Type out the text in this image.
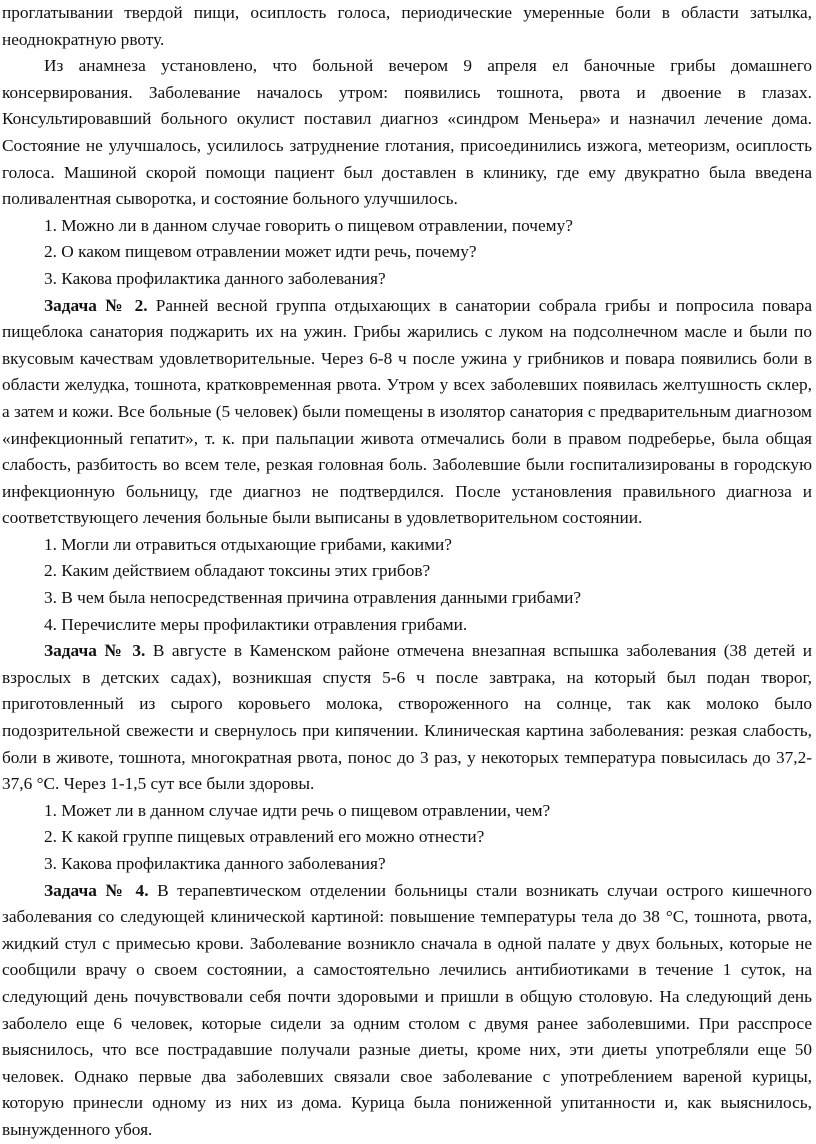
проглатывании твердой пищи, осиплость голоса, периодические умеренные боли в области затылка, неоднократную рвоту.

Из анамнеза установлено, что больной вечером 9 апреля ел баночные грибы домашнего консервирования. Заболевание началось утром: появились тошнота, рвота и двоение в глазах. Консультировавший больного окулист поставил диагноз «синдром Меньера» и назначил лечение дома. Состояние не улучшалось, усилилось затруднение глотания, присоединились изжога, метеоризм, осиплость голоса. Машиной скорой помощи пациент был доставлен в клинику, где ему двукратно была введена поливалентная сыворотка, и состояние больного улучшилось.

1. Можно ли в данном случае говорить о пищевом отравлении, почему?

2. О каком пищевом отравлении может идти речь, почему?

3. Какова профилактика данного заболевания?

Задача № 2. Ранней весной группа отдыхающих в санатории собрала грибы и попросила повара пищеблока санатория поджарить их на ужин. Грибы жарились с луком на подсолнечном масле и были по вкусовым качествам удовлетворительные. Через 6-8 ч после ужина у грибников и повара появились боли в области желудка, тошнота, кратковременная рвота. Утром у всех заболевших появилась желтушность склер, а затем и кожи. Все больные (5 человек) были помещены в изолятор санатория с предварительным диагнозом «инфекционный гепатит», т. к. при пальпации живота отмечались боли в правом подреберье, была общая слабость, разбитость во всем теле, резкая головная боль. Заболевшие были госпитализированы в городскую инфекционную больницу, где диагноз не подтвердился. После установления правильного диагноза и соответствующего лечения больные были выписаны в удовлетворительном состоянии.

1. Могли ли отравиться отдыхающие грибами, какими?

2. Каким действием обладают токсины этих грибов?

3. В чем была непосредственная причина отравления данными грибами?

4. Перечислите меры профилактики отравления грибами.

Задача № 3. В августе в Каменском районе отмечена внезапная вспышка заболевания (38 детей и взрослых в детских садах), возникшая спустя 5-6 ч после завтрака, на который был подан творог, приготовленный из сырого коровьего молока, створоженного на солнце, так как молоко было подозрительной свежести и свернулось при кипячении. Клиническая картина заболевания: резкая слабость, боли в животе, тошнота, многократная рвота, понос до 3 раз, у некоторых температура повысилась до 37,2-37,6 °С. Через 1-1,5 сут все были здоровы.

1. Может ли в данном случае идти речь о пищевом отравлении, чем?

2. К какой группе пищевых отравлений его можно отнести?

3. Какова профилактика данного заболевания?

Задача № 4. В терапевтическом отделении больницы стали возникать случаи острого кишечного заболевания со следующей клинической картиной: повышение температуры тела до 38 °С, тошнота, рвота, жидкий стул с примесью крови. Заболевание возникло сначала в одной палате у двух больных, которые не сообщили врачу о своем состоянии, а самостоятельно лечились антибиотиками в течение 1 суток, на следующий день почувствовали себя почти здоровыми и пришли в общую столовую. На следующий день заболело еще 6 человек, которые сидели за одним столом с двумя ранее заболевшими. При расспросе выяснилось, что все пострадавшие получали разные диеты, кроме них, эти диеты употребляли еще 50 человек. Однако первые два заболевших связали свое заболевание с употреблением вареной курицы, которую принесли одному из них из дома. Курица была пониженной упитанности и, как выяснилось, вынужденного убоя.
